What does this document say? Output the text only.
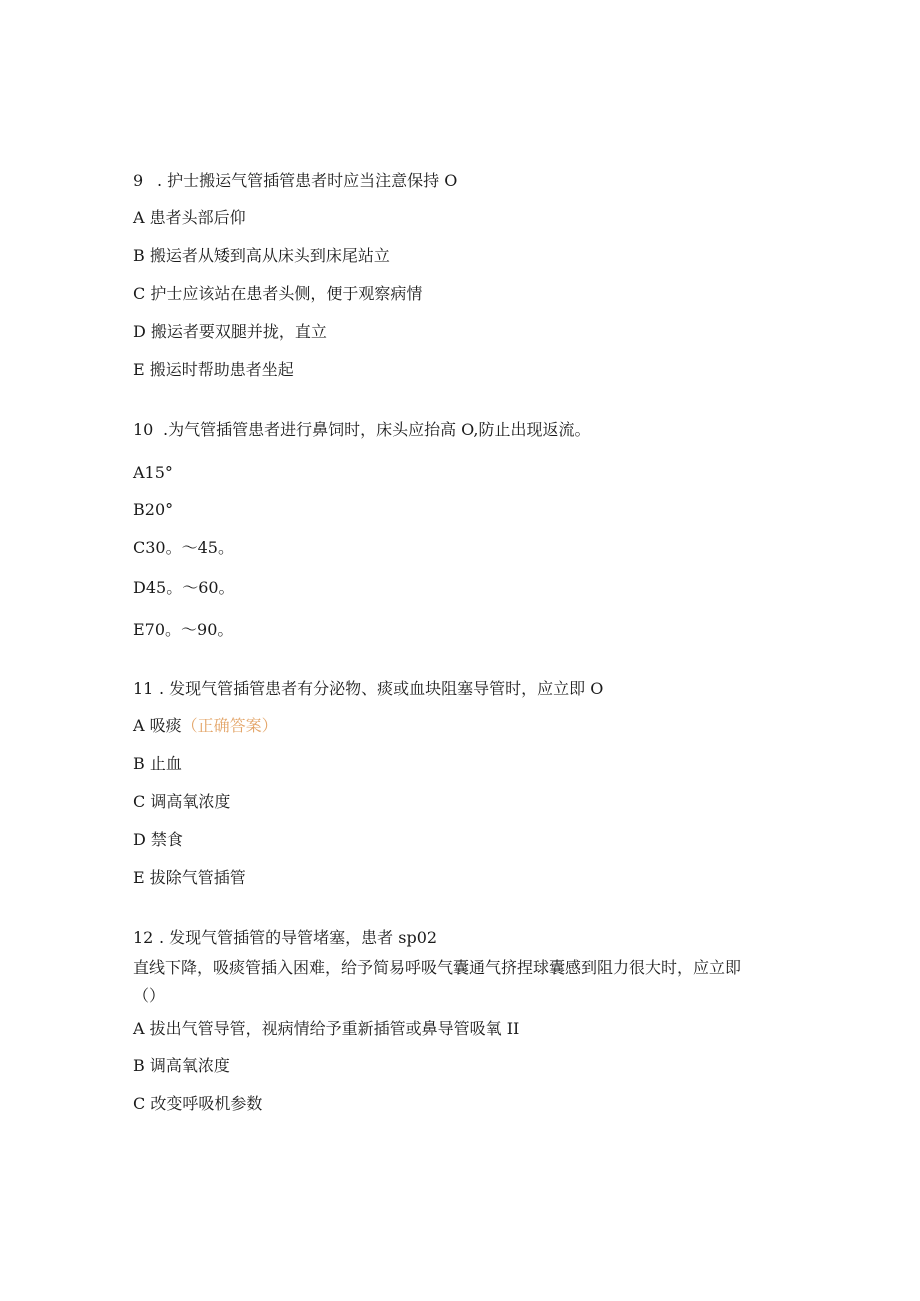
9 . 护士搬运气管插管患者时应当注意保持 O
A 患者头部后仰
B 搬运者从矮到高从床头到床尾站立
C 护士应该站在患者头侧，便于观察病情
D 搬运者要双腿并拢，直立
E 搬运时帮助患者坐起
10 .为气管插管患者进行鼻饲时，床头应抬高 O,防止出现返流。
A15°
B20°
C30。～45。
D45。～60。
E70。～90。
11 . 发现气管插管患者有分泌物、痰或血块阻塞导管时，应立即 O
A 吸痰（正确答案）
B 止血
C 调高氧浓度
D 禁食
E 拔除气管插管
12 . 发现气管插管的导管堵塞，患者 sp02
直线下降，吸痰管插入困难，给予简易呼吸气囊通气挤捏球囊感到阻力很大时，应立即
（）
A 拔出气管导管，视病情给予重新插管或鼻导管吸氧 II
B 调高氧浓度
C 改变呼吸机参数
